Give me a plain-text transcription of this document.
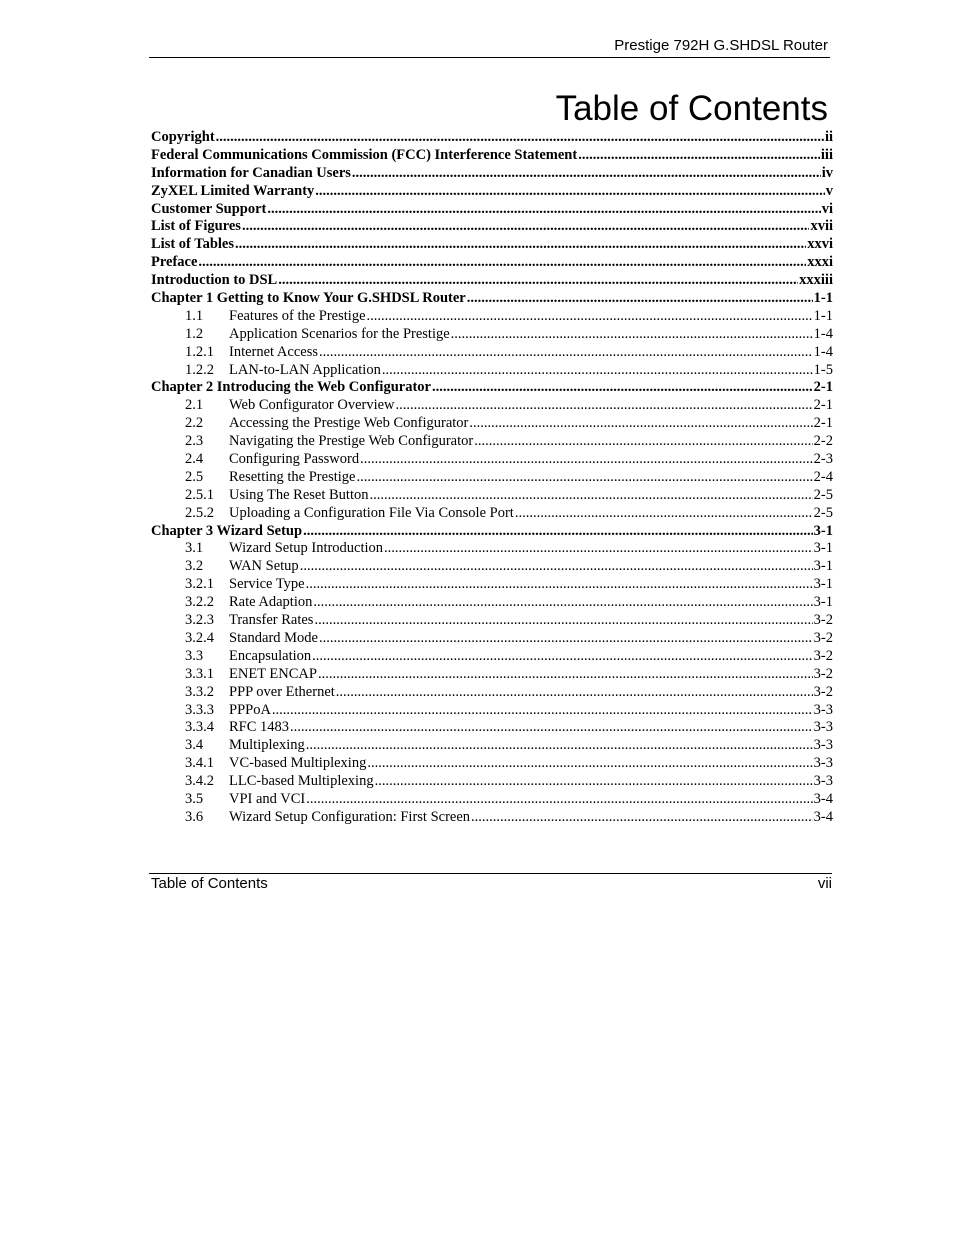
Prestige 792H G.SHDSL Router
Table of Contents
Copyright .....	ii
Federal Communications Commission (FCC) Interference Statement .....	iii
Information for Canadian Users .....	iv
ZyXEL Limited Warranty .....	v
Customer Support .....	vi
List of Figures .....	xvii
List of Tables .....	xxvi
Preface .....	xxxi
Introduction to DSL .....	xxxiii
Chapter 1 Getting to Know Your G.SHDSL Router .....	1-1
1.1	Features of the Prestige .....	1-1
1.2	Application Scenarios for the Prestige .....	1-4
1.2.1	Internet Access .....	1-4
1.2.2	LAN-to-LAN Application .....	1-5
Chapter 2 Introducing the Web Configurator .....	2-1
2.1	Web Configurator Overview .....	2-1
2.2	Accessing the Prestige Web Configurator .....	2-1
2.3	Navigating the Prestige Web Configurator .....	2-2
2.4	Configuring Password .....	2-3
2.5	Resetting the Prestige .....	2-4
2.5.1	Using The Reset Button .....	2-5
2.5.2	Uploading a Configuration File Via Console Port .....	2-5
Chapter 3 Wizard Setup .....	3-1
3.1	Wizard Setup Introduction .....	3-1
3.2	WAN Setup .....	3-1
3.2.1	Service Type .....	3-1
3.2.2	Rate Adaption .....	3-1
3.2.3	Transfer Rates .....	3-2
3.2.4	Standard Mode .....	3-2
3.3	Encapsulation .....	3-2
3.3.1	ENET ENCAP .....	3-2
3.3.2	PPP over Ethernet .....	3-2
3.3.3	PPPoA .....	3-3
3.3.4	RFC 1483 .....	3-3
3.4	Multiplexing .....	3-3
3.4.1	VC-based Multiplexing .....	3-3
3.4.2	LLC-based Multiplexing .....	3-3
3.5	VPI and VCI .....	3-4
3.6	Wizard Setup Configuration: First Screen .....	3-4
Table of Contents	vii
